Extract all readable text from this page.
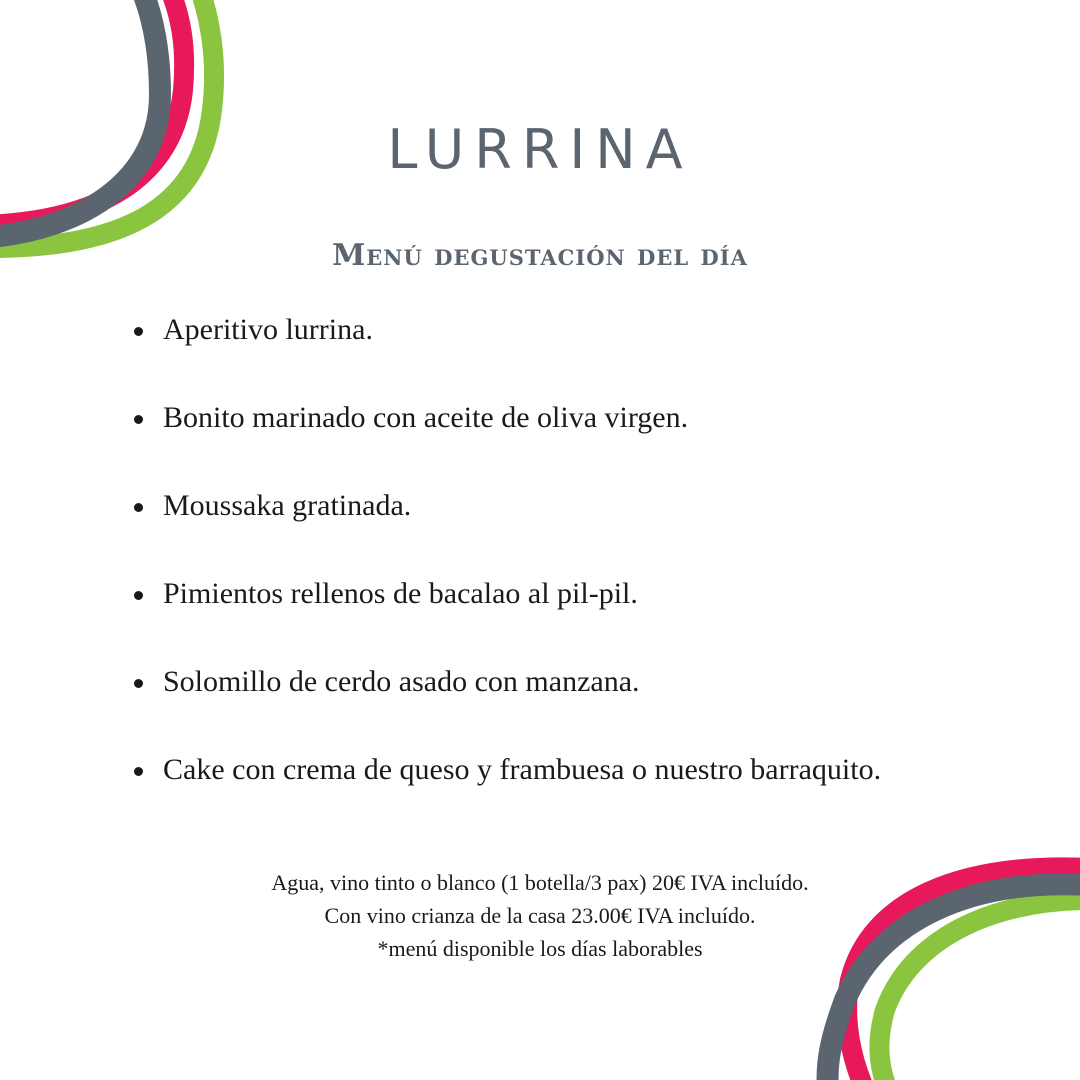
LURRINA
Menú degustación del día
Aperitivo lurrina.
Bonito marinado con aceite de oliva virgen.
Moussaka gratinada.
Pimientos rellenos de bacalao al pil-pil.
Solomillo de cerdo asado con manzana.
Cake con crema de queso y frambuesa o nuestro barraquito.
Agua, vino tinto o blanco (1 botella/3 pax) 20€ IVA incluído.
Con vino crianza de la casa 23.00€ IVA incluído.
*menú disponible los días laborables
